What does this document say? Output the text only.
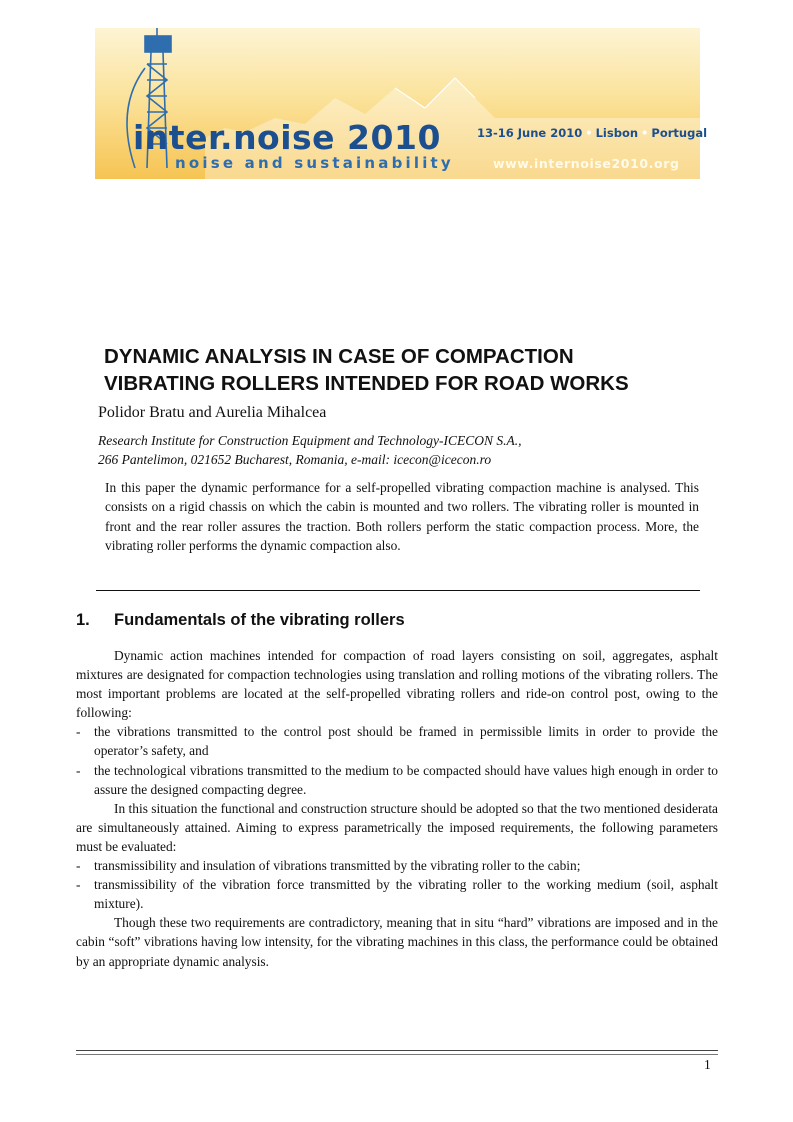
inter.noise 2010
noise and sustainability
13-16 June 2010 • Lisbon • Portugal
www.internoise2010.org
DYNAMIC ANALYSIS IN CASE OF COMPACTION
VIBRATING ROLLERS INTENDED FOR ROAD WORKS

Polidor Bratu and Aurelia Mihalcea

Research Institute for Construction Equipment and Technology-ICECON S.A.,
266 Pantelimon, 021652 Bucharest, Romania, e-mail: icecon@icecon.ro

In this paper the dynamic performance for a self-propelled vibrating compaction machine is analysed. This consists on a rigid chassis on which the cabin is mounted and two rollers. The vibrating roller is mounted in front and the rear roller assures the traction. Both rollers perform the static compaction process. More, the vibrating roller performs the dynamic compaction also.

1. Fundamentals of the vibrating rollers

Dynamic action machines intended for compaction of road layers consisting on soil, aggregates, asphalt mixtures are designated for compaction technologies using translation and rolling motions of the vibrating rollers. The most important problems are located at the self-propelled vibrating rollers and ride-on control post, owing to the following:

- the vibrations transmitted to the control post should be framed in permissible limits in order to provide the operator’s safety, and
- the technological vibrations transmitted to the medium to be compacted should have values high enough in order to assure the designed compacting degree.

In this situation the functional and construction structure should be adopted so that the two mentioned desiderata are simultaneously attained. Aiming to express parametrically the imposed requirements, the following parameters must be evaluated:

- transmissibility and insulation of vibrations transmitted by the vibrating roller to the cabin;
- transmissibility of the vibration force transmitted by the vibrating roller to the working medium (soil, asphalt mixture).

Though these two requirements are contradictory, meaning that in situ “hard” vibrations are imposed and in the cabin “soft” vibrations having low intensity, for the vibrating machines in this class, the performance could be obtained by an appropriate dynamic analysis.

1
